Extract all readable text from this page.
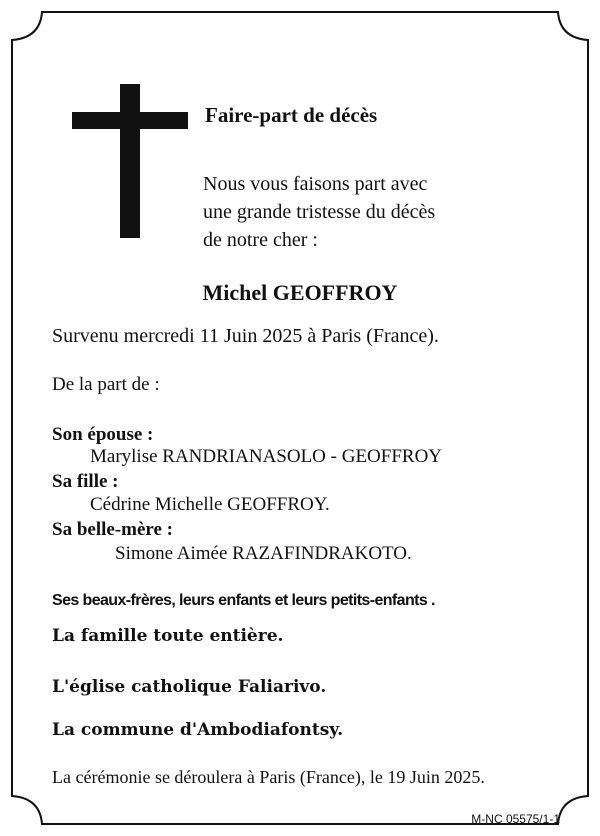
Faire-part de décès

Nous vous faisons part avec
une grande tristesse du décès
de notre cher :

Michel GEOFFROY

Survenu mercredi 11 Juin 2025 à Paris (France).

De la part de :

Son épouse :

Marylise RANDRIANASOLO - GEOFFROY

Sa fille :

Cédrine Michelle GEOFFROY.

Sa belle-mère :

Simone Aimée RAZAFINDRAKOTO.

Ses beaux-frères, leurs enfants et leurs petits-enfants .

La famille toute entière.

L'église catholique Faliarivo.

La commune d'Ambodiafontsy.

La cérémonie se déroulera à Paris (France), le 19 Juin 2025.

M-NC 05575/1-1
